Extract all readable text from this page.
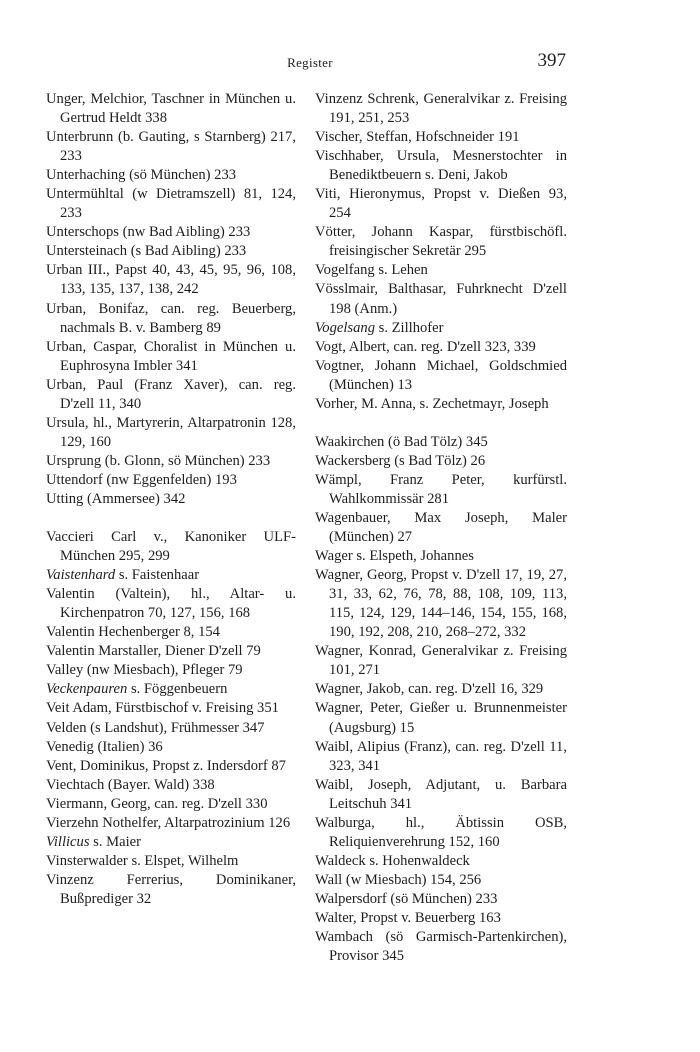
Register	397

Unger, Melchior, Taschner in München u. Gertrud Heldt 338

Unterbrunn (b. Gauting, s Starnberg) 217, 233

Unterhaching (sö München) 233

Untermühltal (w Dietramszell) 81, 124, 233

Unterschops (nw Bad Aibling) 233

Untersteinach (s Bad Aibling) 233

Urban III., Papst 40, 43, 45, 95, 96, 108, 133, 135, 137, 138, 242

Urban, Bonifaz, can. reg. Beuerberg, nachmals B. v. Bamberg 89

Urban, Caspar, Choralist in München u. Euphrosyna Imbler 341

Urban, Paul (Franz Xaver), can. reg. D'zell 11, 340

Ursula, hl., Martyrerin, Altarpatronin 128, 129, 160

Ursprung (b. Glonn, sö München) 233

Uttendorf (nw Eggenfelden) 193

Utting (Ammersee) 342

Vaccieri Carl v., Kanoniker ULF-München 295, 299

Vaistenhard s. Faistenhaar

Valentin (Valtein), hl., Altar- u. Kirchenpatron 70, 127, 156, 168

Valentin Hechenberger 8, 154

Valentin Marstaller, Diener D'zell 79

Valley (nw Miesbach), Pfleger 79

Veckenpauren s. Föggenbeuern

Veit Adam, Fürstbischof v. Freising 351

Velden (s Landshut), Frühmesser 347

Venedig (Italien) 36

Vent, Dominikus, Propst z. Indersdorf 87

Viechtach (Bayer. Wald) 338

Viermann, Georg, can. reg. D'zell 330

Vierzehn Nothelfer, Altarpatrozinium 126

Villicus s. Maier

Vinsterwalder s. Elspet, Wilhelm

Vinzenz Ferrerius, Dominikaner, Bußprediger 32

Vinzenz Schrenk, Generalvikar z. Freising 191, 251, 253

Vischer, Steffan, Hofschneider 191

Vischhaber, Ursula, Mesnerstochter in Benediktbeuern s. Deni, Jakob

Viti, Hieronymus, Propst v. Dießen 93, 254

Vötter, Johann Kaspar, fürstbischöfl. freisingischer Sekretär 295

Vogelfang s. Lehen

Vösslmair, Balthasar, Fuhrknecht D'zell 198 (Anm.)

Vogelsang s. Zillhofer

Vogt, Albert, can. reg. D'zell 323, 339

Vogtner, Johann Michael, Goldschmied (München) 13

Vorher, M. Anna, s. Zechetmayr, Joseph

Waakirchen (ö Bad Tölz) 345

Wackersberg (s Bad Tölz) 26

Wämpl, Franz Peter, kurfürstl. Wahlkommissär 281

Wagenbauer, Max Joseph, Maler (München) 27

Wager s. Elspeth, Johannes

Wagner, Georg, Propst v. D'zell 17, 19, 27, 31, 33, 62, 76, 78, 88, 108, 109, 113, 115, 124, 129, 144–146, 154, 155, 168, 190, 192, 208, 210, 268–272, 332

Wagner, Konrad, Generalvikar z. Freising 101, 271

Wagner, Jakob, can. reg. D'zell 16, 329

Wagner, Peter, Gießer u. Brunnenmeister (Augsburg) 15

Waibl, Alipius (Franz), can. reg. D'zell 11, 323, 341

Waibl, Joseph, Adjutant, u. Barbara Leitschuh 341

Walburga, hl., Äbtissin OSB, Reliquienverehrung 152, 160

Waldeck s. Hohenwaldeck

Wall (w Miesbach) 154, 256

Walpersdorf (sö München) 233

Walter, Propst v. Beuerberg 163

Wambach (sö Garmisch-Partenkirchen), Provisor 345
